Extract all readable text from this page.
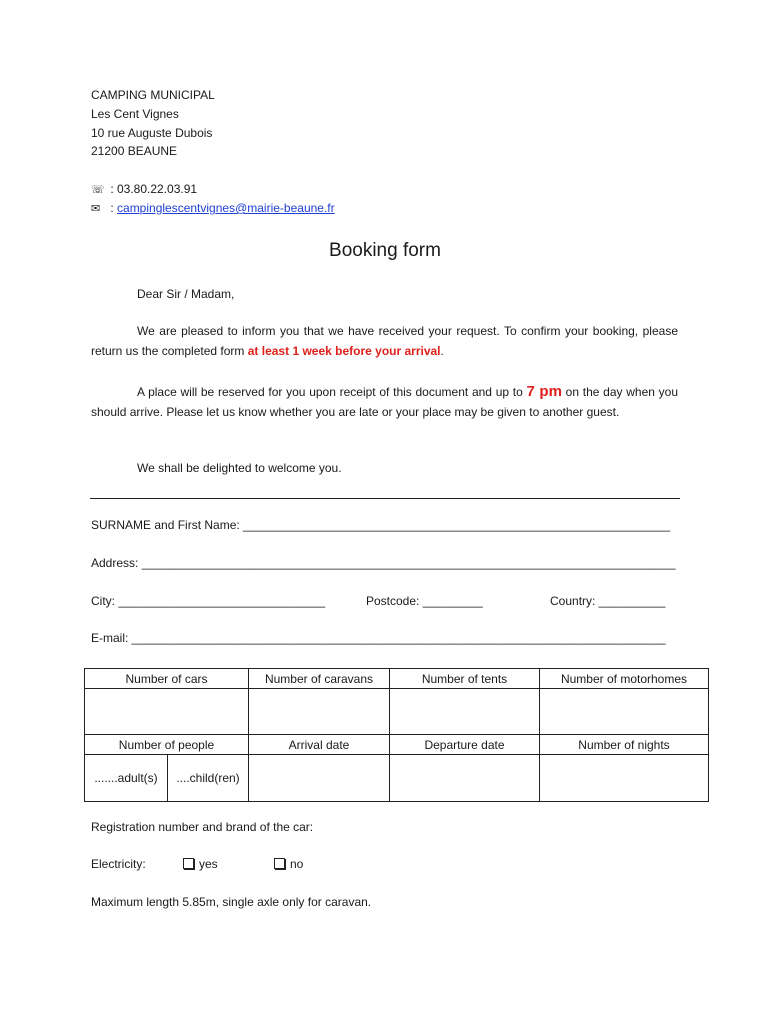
CAMPING MUNICIPAL
Les Cent Vignes
10 rue Auguste Dubois
21200 BEAUNE
☏ : 03.80.22.03.91
✉ : campinglescentvignes@mairie-beaune.fr
Booking form
Dear Sir / Madam,
We are pleased to inform you that we have received your request. To confirm your booking, please return us the completed form at least 1 week before your arrival.
A place will be reserved for you upon receipt of this document and up to 7 pm on the day when you should arrive. Please let us know whether you are late or your place may be given to another guest.
We shall be delighted to welcome you.
SURNAME and First Name: ________________________________________________________________
Address: ________________________________________________________________________________
City: _______________________________	Postcode: _________	Country: __________
E-mail: ________________________________________________________________________________
Number of cars		Number of caravans	Number of tents	Number of motorhomes

Number of people		Arrival date	Departure date	Number of nights
.......adult(s)	....child(ren)			
Registration number and brand of the car:
Electricity:	yes	no
Maximum length 5.85m, single axle only for caravan.
